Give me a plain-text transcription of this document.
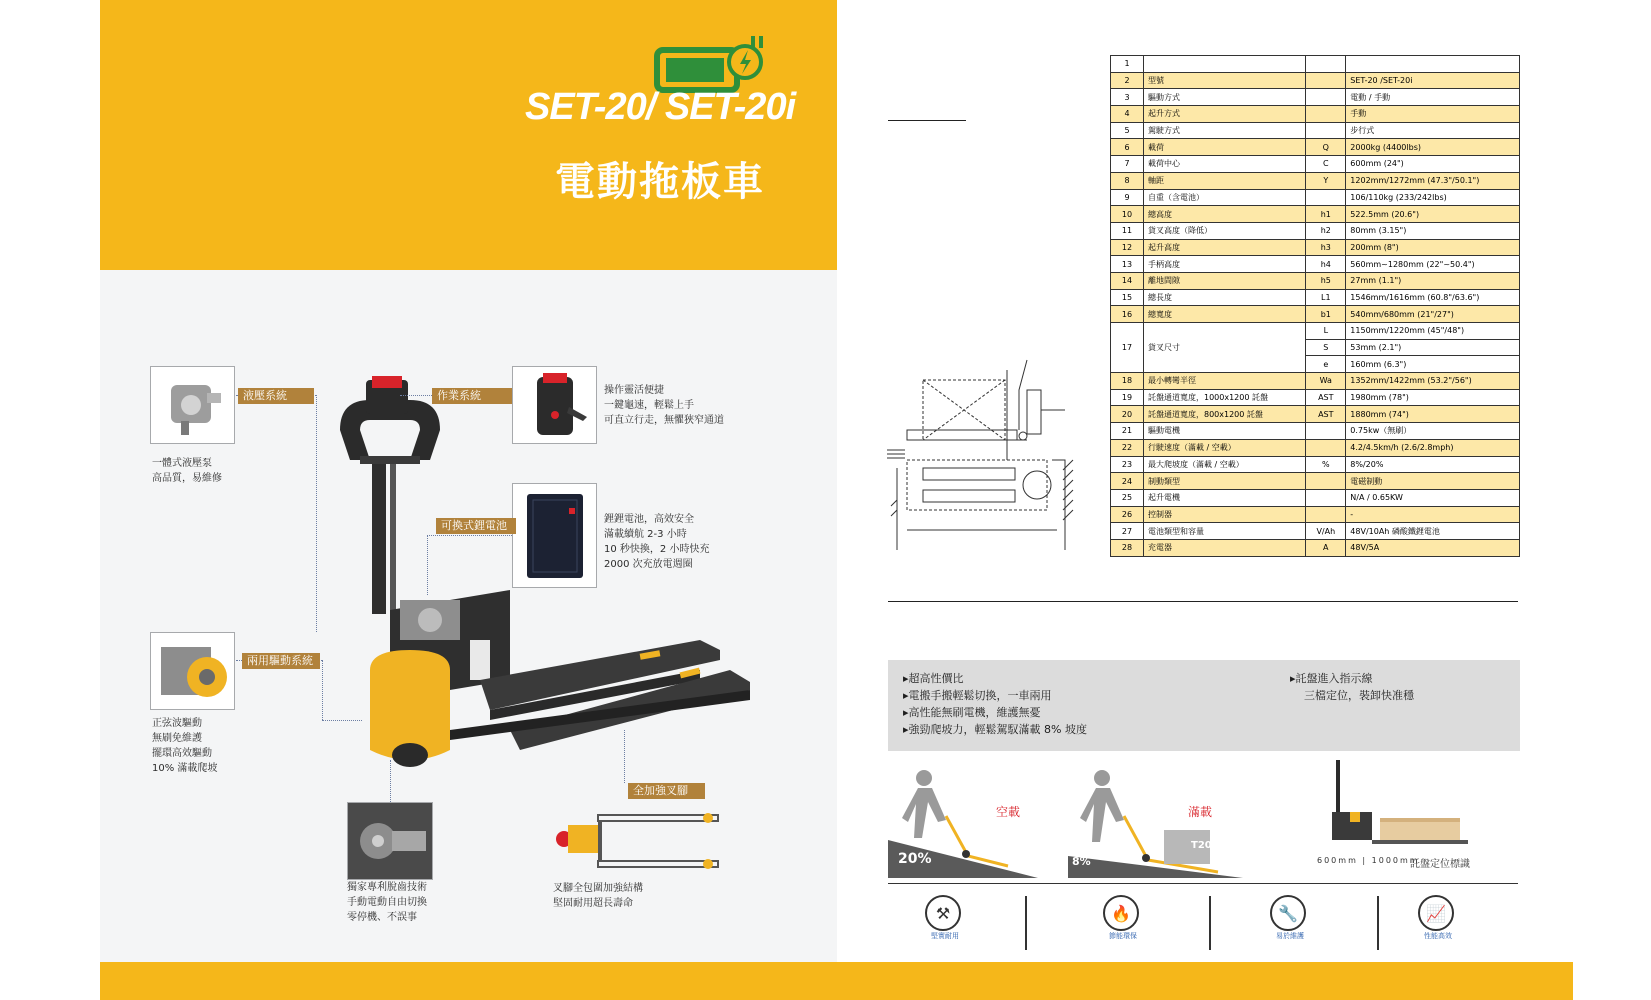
SET-20/ SET-20i
電動拖板車
液壓系統
一體式液壓泵
高品質，易維修
作業系統	操作靈活便捷
一鍵龜速，輕鬆上手
可直立行走，無懼狹窄通道
可換式鋰電池	鋰鋰電池，高效安全
滿載續航 2-3 小時
10 秒快換，2 小時快充
2000 次充放電週圈
兩用驅動系統
正弦波驅動
無刷免維護
擺環高效驅動
10% 滿載爬坡
獨家專利脫齒技術
手動電動自由切換
零停機、不誤事
全加強叉腳
叉腳全包圍加強結構
堅固耐用超長壽命
1			
2	型號		SET-20 /SET-20i
3	驅動方式		電動 / 手動
4	起升方式		手動
5	駕駛方式		步行式
6	載荷	Q	2000kg (4400lbs)
7	載荷中心	C	600mm (24")
8	軸距	Y	1202mm/1272mm (47.3"/50.1")
9	自重（含電池）		106/110kg (233/242lbs)
10	總高度	h1	522.5mm (20.6")
11	貨叉高度（降低）	h2	80mm (3.15")
12	起升高度	h3	200mm (8")
13	手柄高度	h4	560mm~1280mm (22"~50.4")
14	離地間隙	h5	27mm (1.1")
15	總長度	L1	1546mm/1616mm (60.8"/63.6")
16	總寬度	b1	540mm/680mm (21"/27")
17	貨叉尺寸	L	1150mm/1220mm (45"/48")
		S	53mm (2.1")
		e	160mm (6.3")
18	最小轉彎半徑	Wa	1352mm/1422mm (53.2"/56")
19	託盤通道寬度，1000x1200 託盤	AST	1980mm (78")
20	託盤通道寬度，800x1200 託盤	AST	1880mm (74")
21	驅動電機		0.75kw（無刷）
22	行駛速度（滿載 / 空載）		4.2/4.5km/h (2.6/2.8mph)
23	最大爬坡度（滿載 / 空載）	%	8%/20%
24	制動類型		電磁制動
25	起升電機		N/A / 0.65KW
26	控制器		-
27	電池類型和容量	V/Ah	48V/10Ah 磷酸鐵鋰電池
28	充電器	A	48V/5A
▸超高性價比
▸電搬手搬輕鬆切換，一車兩用
▸高性能無刷電機，維護無憂
▸強勁爬坡力，輕鬆駕馭滿載 8% 坡度
▸託盤進入指示線
三檔定位，裝卸快准穩
空載
20%
滿載
T20
8%	600mm | 1000mm
託盤定位標識
⚒
堅實耐用
🔥
節能環保
🔧
易於維護
📈
性能高效
